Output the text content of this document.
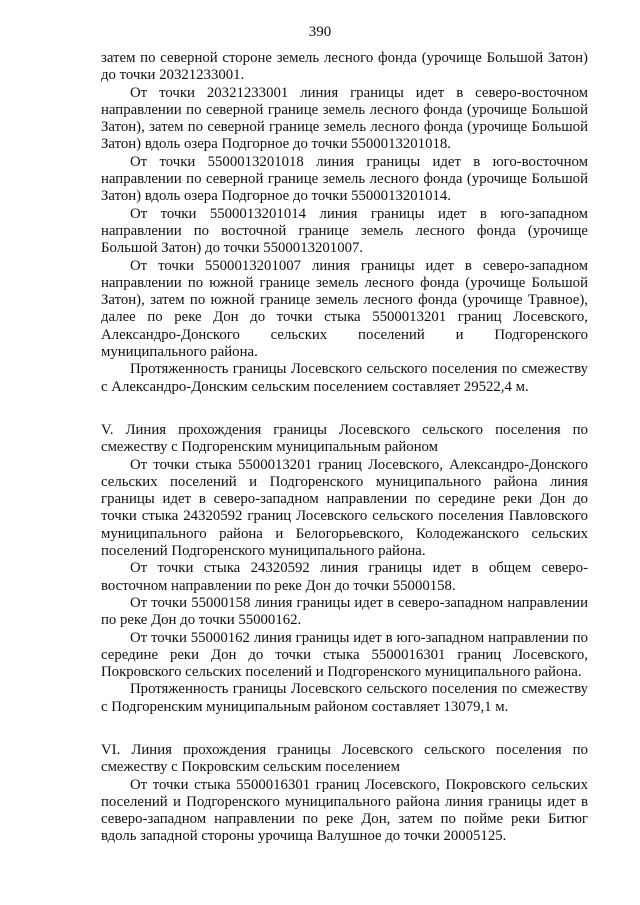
390

затем по северной стороне земель лесного фонда (урочище Большой Затон) до точки 20321233001.

От точки 20321233001 линия границы идет в северо-восточном направлении по северной границе земель лесного фонда (урочище Большой Затон), затем по северной границе земель лесного фонда (урочище Большой Затон) вдоль озера Подгорное до точки 5500013201018.

От точки 5500013201018 линия границы идет в юго-восточном направлении по северной границе земель лесного фонда (урочище Большой Затон) вдоль озера Подгорное до точки 5500013201014.

От точки 5500013201014 линия границы идет в юго-западном направлении по восточной границе земель лесного фонда (урочище Большой Затон) до точки 5500013201007.

От точки 5500013201007 линия границы идет в северо-западном направлении по южной границе земель лесного фонда (урочище Большой Затон), затем по южной границе земель лесного фонда (урочище Травное), далее по реке Дон до точки стыка 5500013201 границ Лосевского, Александро-Донского сельских поселений и Подгоренского муниципального района.

Протяженность границы Лосевского сельского поселения по смежеству с Александро-Донским сельским поселением составляет 29522,4 м.

V. Линия прохождения границы Лосевского сельского поселения по смежеству с Подгоренским муниципальным районом

От точки стыка 5500013201 границ Лосевского, Александро-Донского сельских поселений и Подгоренского муниципального района линия границы идет в северо-западном направлении по середине реки Дон до точки стыка 24320592 границ Лосевского сельского поселения Павловского муниципального района и Белогорьевского, Колодежанского сельских поселений Подгоренского муниципального района.

От точки стыка 24320592 линия границы идет в общем северо-восточном направлении по реке Дон до точки 55000158.

От точки 55000158 линия границы идет в северо-западном направлении по реке Дон до точки 55000162.

От точки 55000162 линия границы идет в юго-западном направлении по середине реки Дон до точки стыка 5500016301 границ Лосевского, Покровского сельских поселений и Подгоренского муниципального района.

Протяженность границы Лосевского сельского поселения по смежеству с Подгоренским муниципальным районом составляет 13079,1 м.

VI. Линия прохождения границы Лосевского сельского поселения по смежеству с Покровским сельским поселением

От точки стыка 5500016301 границ Лосевского, Покровского сельских поселений и Подгоренского муниципального района линия границы идет в северо-западном направлении по реке Дон, затем по пойме реки Битюг вдоль западной стороны урочища Валушное до точки 20005125.
